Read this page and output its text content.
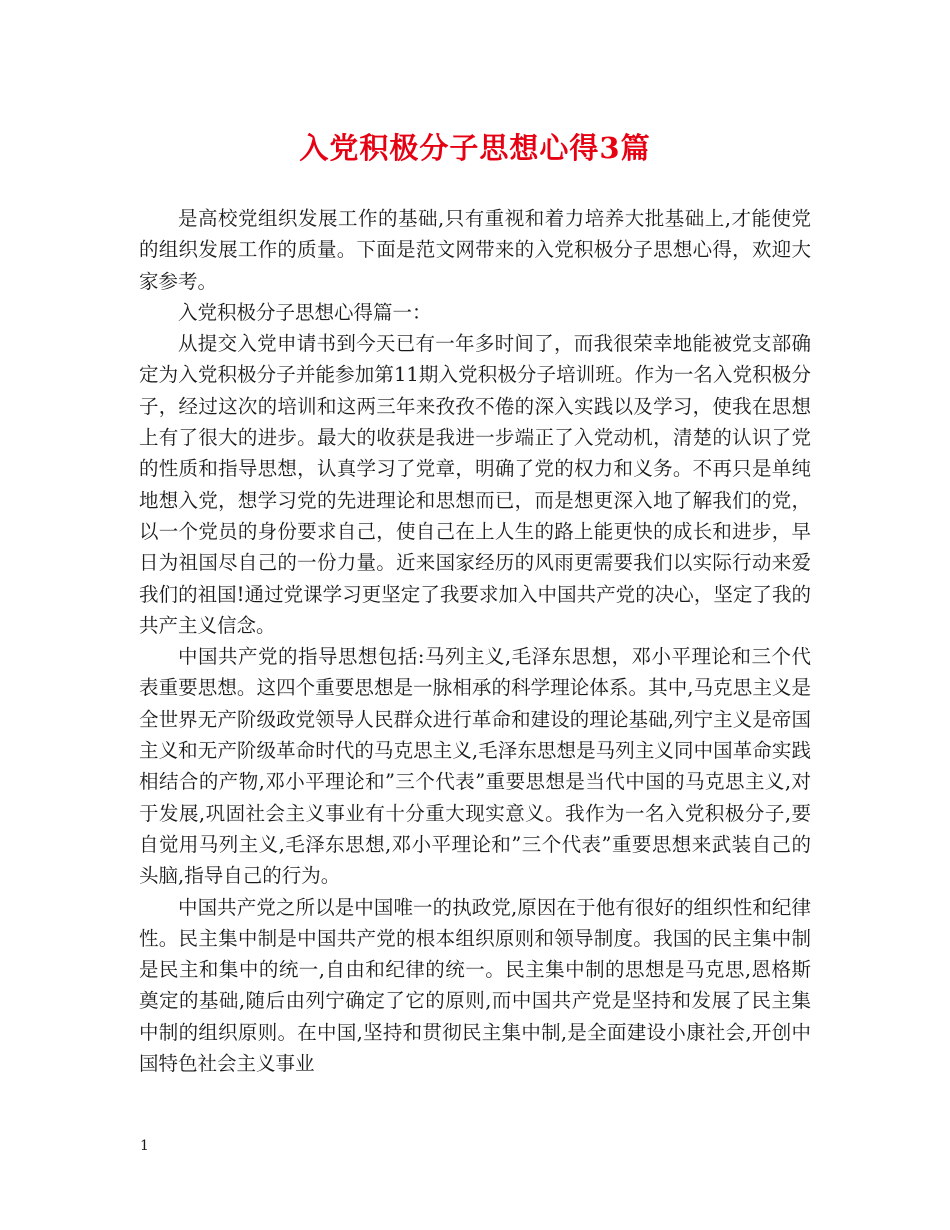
入党积极分子思想心得3篇

是高校党组织发展工作的基础,只有重视和着力培养大批基础上,才能使党的组织发展工作的质量。下面是范文网带来的入党积极分子思想心得，欢迎大家参考。

入党积极分子思想心得篇一：

从提交入党申请书到今天已有一年多时间了，而我很荣幸地能被党支部确定为入党积极分子并能参加第11期入党积极分子培训班。作为一名入党积极分子，经过这次的培训和这两三年来孜孜不倦的深入实践以及学习，使我在思想上有了很大的进步。最大的收获是我进一步端正了入党动机，清楚的认识了党的性质和指导思想，认真学习了党章，明确了党的权力和义务。不再只是单纯地想入党，想学习党的先进理论和思想而已，而是想更深入地了解我们的党，以一个党员的身份要求自己，使自己在上人生的路上能更快的成长和进步，早日为祖国尽自己的一份力量。近来国家经历的风雨更需要我们以实际行动来爱我们的祖国!通过党课学习更坚定了我要求加入中国共产党的决心，坚定了我的共产主义信念。

中国共产党的指导思想包括:马列主义,毛泽东思想，邓小平理论和三个代表重要思想。这四个重要思想是一脉相承的科学理论体系。其中,马克思主义是全世界无产阶级政党领导人民群众进行革命和建设的理论基础,列宁主义是帝国主义和无产阶级革命时代的马克思主义,毛泽东思想是马列主义同中国革命实践相结合的产物,邓小平理论和”三个代表”重要思想是当代中国的马克思主义,对于发展,巩固社会主义事业有十分重大现实意义。我作为一名入党积极分子,要自觉用马列主义,毛泽东思想,邓小平理论和”三个代表”重要思想来武装自己的头脑,指导自己的行为。

中国共产党之所以是中国唯一的执政党,原因在于他有很好的组织性和纪律性。民主集中制是中国共产党的根本组织原则和领导制度。我国的民主集中制是民主和集中的统一,自由和纪律的统一。民主集中制的思想是马克思,恩格斯奠定的基础,随后由列宁确定了它的原则,而中国共产党是坚持和发展了民主集中制的组织原则。在中国,坚持和贯彻民主集中制,是全面建设小康社会,开创中国特色社会主义事业

1
